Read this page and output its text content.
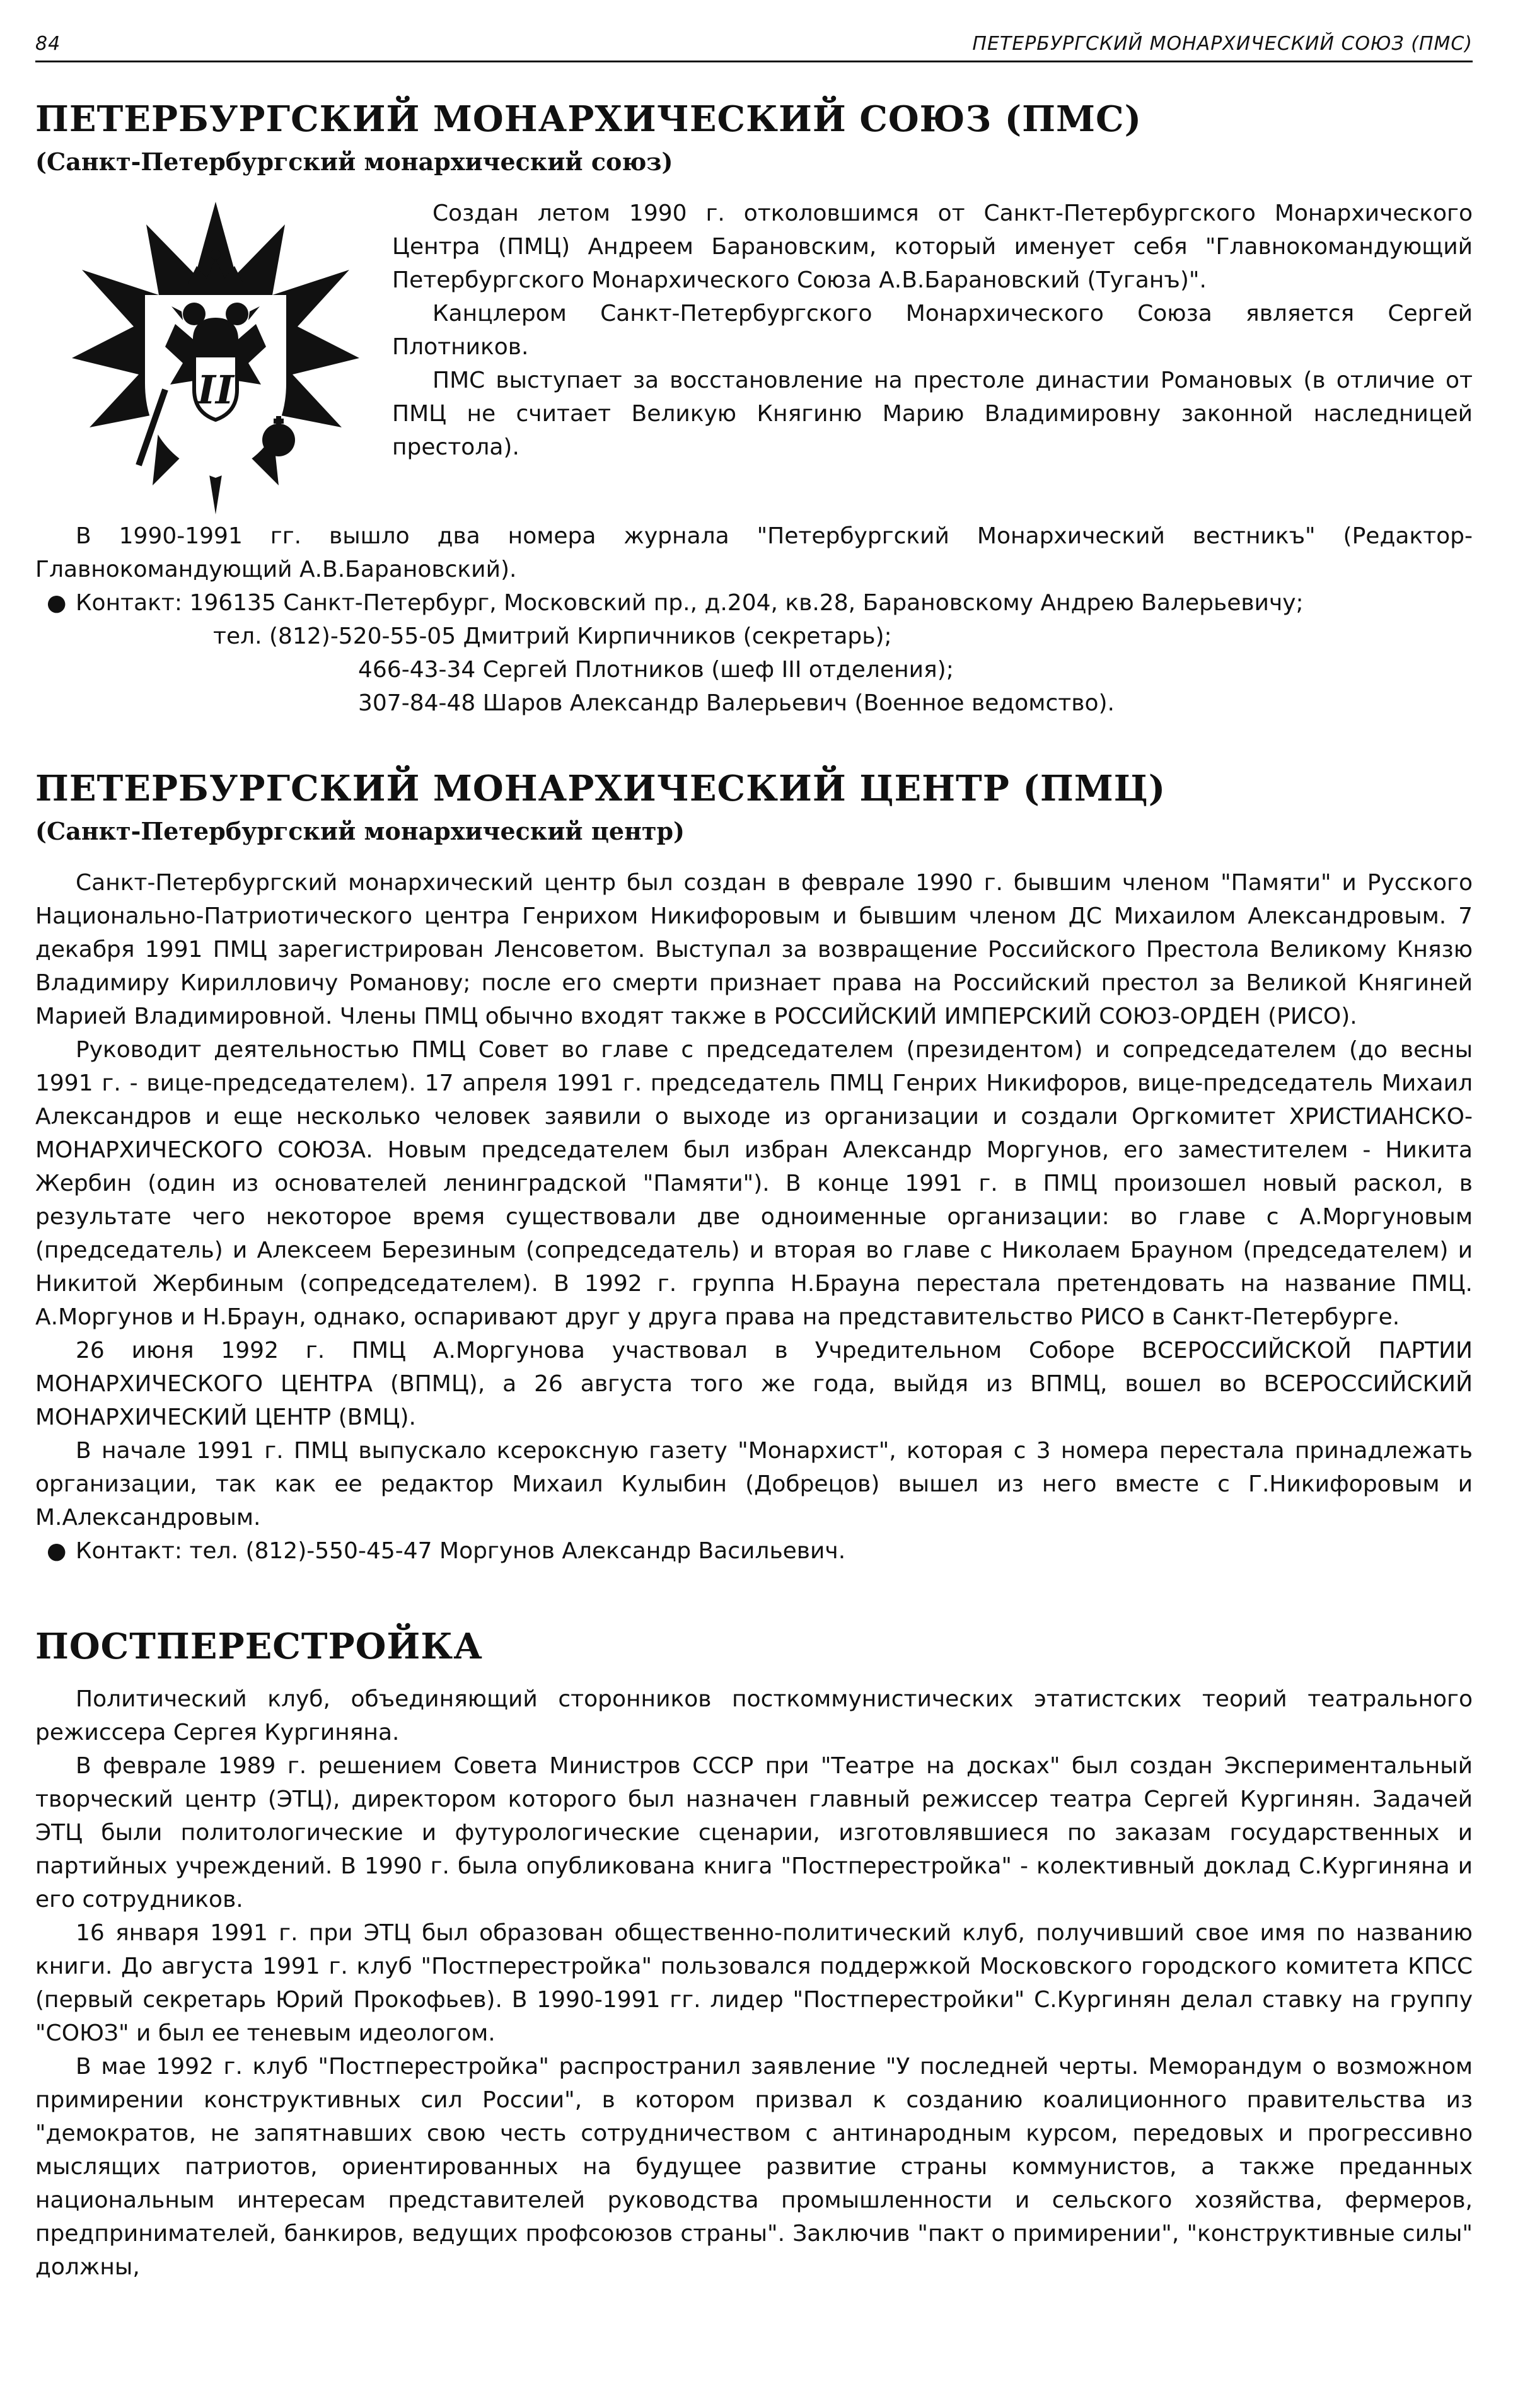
84	ПЕТЕРБУРГСКИЙ МОНАРХИЧЕСКИЙ СОЮЗ (ПМС)
ПЕТЕРБУРГСКИЙ МОНАРХИЧЕСКИЙ СОЮЗ (ПМС)
(Санкт-Петербургский монархический союз)
II

Создан летом 1990 г. отколовшимся от Санкт-Петербургского Монархического Центра (ПМЦ) Андреем Барановским, который именует себя "Главнокомандующий Петербургского Монархического Союза А.В.Барановский (Туганъ)".

Канцлером Санкт-Петербургского Монархического Союза является Сергей Плотников.

ПМС выступает за восстановление на престоле династии Романовых (в отличие от ПМЦ не считает Великую Княгиню Марию Владимировну законной наследницей престола).

В 1990-1991 гг. вышло два номера журнала "Петербургский Монархический вестникъ" (Редактор-Главнокомандующий А.В.Барановский).

● Контакт: 196135 Санкт-Петербург, Московский пр., д.204, кв.28, Барановскому Андрею Валерьевичу;
тел. (812)-520-55-05 Дмитрий Кирпичников (секретарь);
466-43-34 Сергей Плотников (шеф III отделения);
307-84-48 Шаров Александр Валерьевич (Военное ведомство).
ПЕТЕРБУРГСКИЙ МОНАРХИЧЕСКИЙ ЦЕНТР (ПМЦ)
(Санкт-Петербургский монархический центр)

Санкт-Петербургский монархический центр был создан в феврале 1990 г. бывшим членом "Памяти" и Русского Национально-Патриотического центра Генрихом Никифоровым и бывшим членом ДС Михаилом Александровым. 7 декабря 1991 ПМЦ зарегистрирован Ленсоветом. Выступал за возвращение Российского Престола Великому Князю Владимиру Кирилловичу Романову; после его смерти признает права на Российский престол за Великой Княгиней Марией Владимировной. Члены ПМЦ обычно входят также в РОССИЙСКИЙ ИМПЕРСКИЙ СОЮЗ-ОРДЕН (РИСО).

Руководит деятельностью ПМЦ Совет во главе с председателем (президентом) и сопредседателем (до весны 1991 г. - вице-председателем). 17 апреля 1991 г. председатель ПМЦ Генрих Никифоров, вице-председатель Михаил Александров и еще несколько человек заявили о выходе из организации и создали Оргкомитет ХРИСТИАНСКО-МОНАРХИЧЕСКОГО СОЮЗА. Новым председателем был избран Александр Моргунов, его заместителем - Никита Жербин (один из основателей ленинградской "Памяти"). В конце 1991 г. в ПМЦ произошел новый раскол, в результате чего некоторое время существовали две одноименные организации: во главе с А.Моргуновым (председатель) и Алексеем Березиным (сопредседатель) и вторая во главе с Николаем Брауном (председателем) и Никитой Жербиным (сопредседателем). В 1992 г. группа Н.Брауна перестала претендовать на название ПМЦ. А.Моргунов и Н.Браун, однако, оспаривают друг у друга права на представительство РИСО в Санкт-Петербурге.

26 июня 1992 г. ПМЦ А.Моргунова участвовал в Учредительном Соборе ВСЕРОССИЙСКОЙ ПАРТИИ МОНАРХИЧЕСКОГО ЦЕНТРА (ВПМЦ), а 26 августа того же года, выйдя из ВПМЦ, вошел во ВСЕРОССИЙСКИЙ МОНАРХИЧЕСКИЙ ЦЕНТР (ВМЦ).

В начале 1991 г. ПМЦ выпускало ксероксную газету "Монархист", которая с 3 номера перестала принадлежать организации, так как ее редактор Михаил Кулыбин (Добрецов) вышел из него вместе с Г.Никифоровым и М.Александровым.

● Контакт: тел. (812)-550-45-47 Моргунов Александр Васильевич.
ПОСТПЕРЕСТРОЙКА

Политический клуб, объединяющий сторонников посткоммунистических этатистских теорий театрального режиссера Сергея Кургиняна.

В феврале 1989 г. решением Совета Министров СССР при "Театре на досках" был создан Экспериментальный творческий центр (ЭТЦ), директором которого был назначен главный режиссер театра Сергей Кургинян. Задачей ЭТЦ были политологические и футурологические сценарии, изготовлявшиеся по заказам государственных и партийных учреждений. В 1990 г. была опубликована книга "Постперестройка" - колективный доклад С.Кургиняна и его сотрудников.

16 января 1991 г. при ЭТЦ был образован общественно-политический клуб, получивший свое имя по названию книги. До августа 1991 г. клуб "Постперестройка" пользовался поддержкой Московского городского комитета КПСС (первый секретарь Юрий Прокофьев). В 1990-1991 гг. лидер "Постперестройки" С.Кургинян делал ставку на группу "СОЮЗ" и был ее теневым идеологом.

В мае 1992 г. клуб "Постперестройка" распространил заявление "У последней черты. Меморандум о возможном примирении конструктивных сил России", в котором призвал к созданию коалиционного правительства из "демократов, не запятнавших свою честь сотрудничеством с антинародным курсом, передовых и прогрессивно мыслящих патриотов, ориентированных на будущее развитие страны коммунистов, а также преданных национальным интересам представителей руководства промышленности и сельского хозяйства, фермеров, предпринимателей, банкиров, ведущих профсоюзов страны". Заключив "пакт о примирении", "конструктивные силы" должны,
